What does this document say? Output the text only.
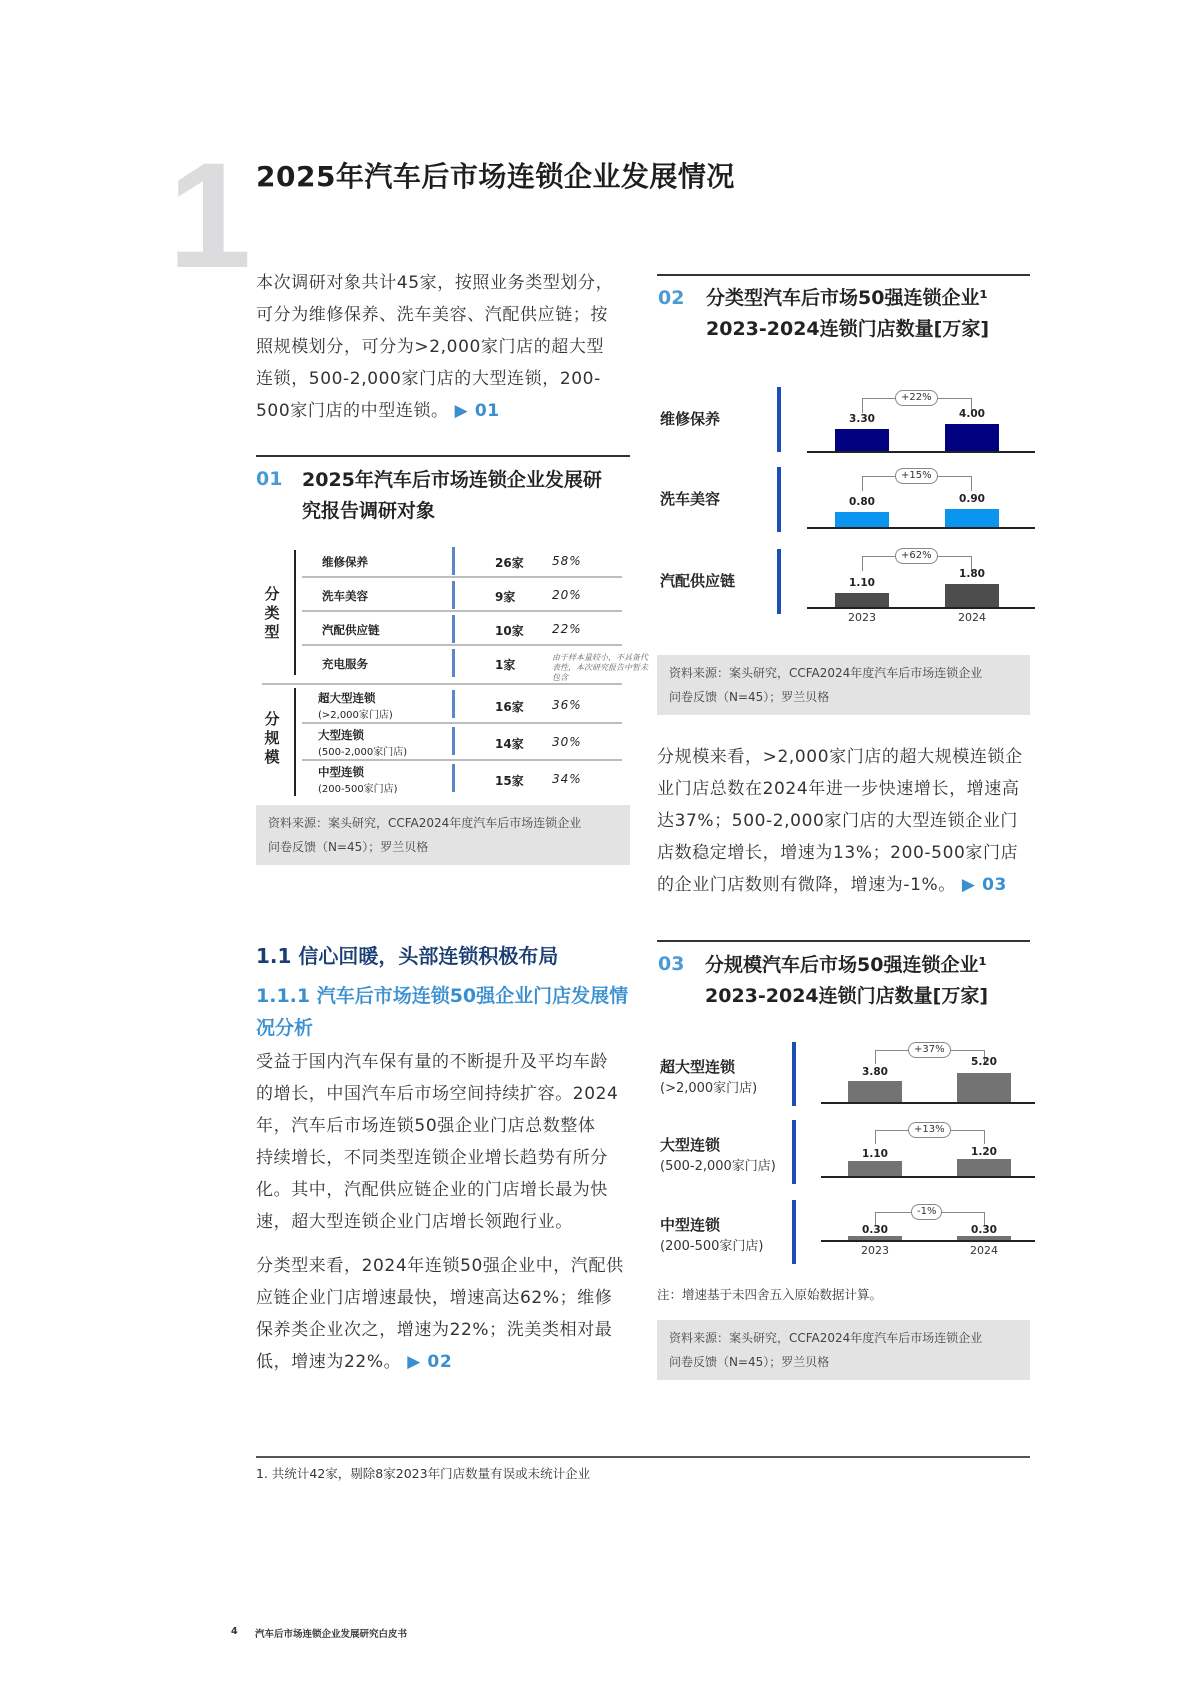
1 2025年汽车后市场连锁企业发展情况
本次调研对象共计45家，按照业务类型划分，
可分为维修保养、洗车美容、汽配供应链；按
照规模划分，可分为>2,000家门店的超大型
连锁，500-2,000家门店的大型连锁，200-
500家门店的中型连锁。 ▶ 01
01 2025年汽车后市场连锁企业发展研
究报告调研对象
分
类
型
维修保养	26家 58%
洗车美容	9家	20%
汽配供应链	10家 22%
充电服务	1家
由于样本量较小，不具备代表性，本次研究报告中暂未包含
分
规
模
超大型连锁
(>2,000家门店)
16家 36%
大型连锁
(500-2,000家门店)
14家 30%
中型连锁
(200-500家门店)
15家 34%
资料来源：案头研究，CCFA2024年度汽车后市场连锁企业
问卷反馈（N=45）；罗兰贝格
1.1 信心回暖，头部连锁积极布局
1.1.1 汽车后市场连锁50强企业门店发展情
况分析
受益于国内汽车保有量的不断提升及平均车龄
的增长，中国汽车后市场空间持续扩容。2024
年，汽车后市场连锁50强企业门店总数整体
持续增长，不同类型连锁企业增长趋势有所分
化。其中，汽配供应链企业的门店增长最为快
速，超大型连锁企业门店增长领跑行业。
分类型来看，2024年连锁50强企业中，汽配供
应链企业门店增速最快，增速高达62%；维修
保养类企业次之，增速为22%；洗美类相对最
低，增速为22%。 ▶ 02
02 分类型汽车后市场50强连锁企业¹
2023-2024连锁门店数量[万家]
维修保养
+22%
3.30	4.00
洗车美容
+15%
0.80	0.90
汽配供应链
+62%
1.10
1.80
2023	2024
资料来源：案头研究，CCFA2024年度汽车后市场连锁企业
问卷反馈（N=45）；罗兰贝格
分规模来看，>2,000家门店的超大规模连锁企
业门店总数在2024年进一步快速增长，增速高
达37%；500-2,000家门店的大型连锁企业门
店数稳定增长，增速为13%；200-500家门店
的企业门店数则有微降，增速为-1%。 ▶ 03
03 分规模汽车后市场50强连锁企业¹
2023-2024连锁门店数量[万家]
超大型连锁
(>2,000家门店)
+37%
3.80
5.20
大型连锁
(500-2,000家门店)
+13%
1.10	1.20
中型连锁
(200-500家门店)
-1%
0.30	0.30
2023	2024
注：增速基于未四舍五入原始数据计算。
资料来源：案头研究，CCFA2024年度汽车后市场连锁企业
问卷反馈（N=45）；罗兰贝格
1. 共统计42家，剔除8家2023年门店数量有误或未统计企业
4 汽车后市场连锁企业发展研究白皮书
